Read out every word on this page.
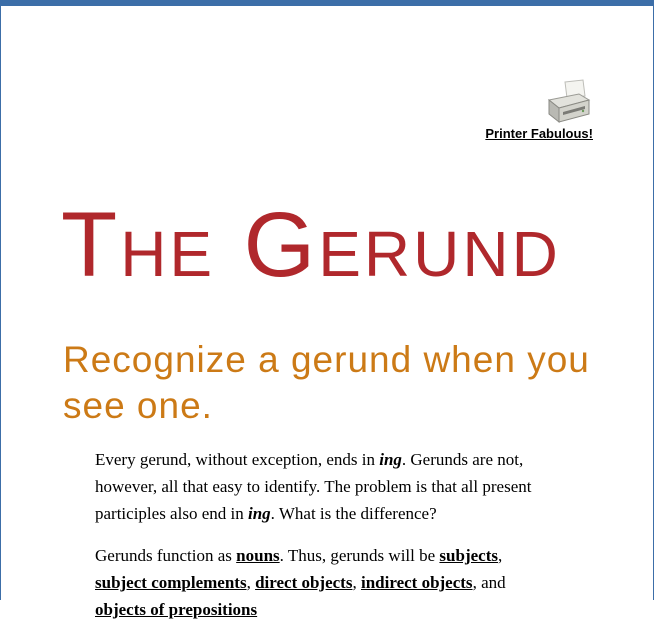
Printer Fabulous!
The Gerund
Recognize a gerund when you see one.

Every gerund, without exception, ends in ing. Gerunds are not, however, all that easy to identify. The problem is that all present participles also end in ing. What is the difference?

Gerunds function as nouns. Thus, gerunds will be subjects,
subject complements, direct objects, indirect objects, and
objects of prepositions
